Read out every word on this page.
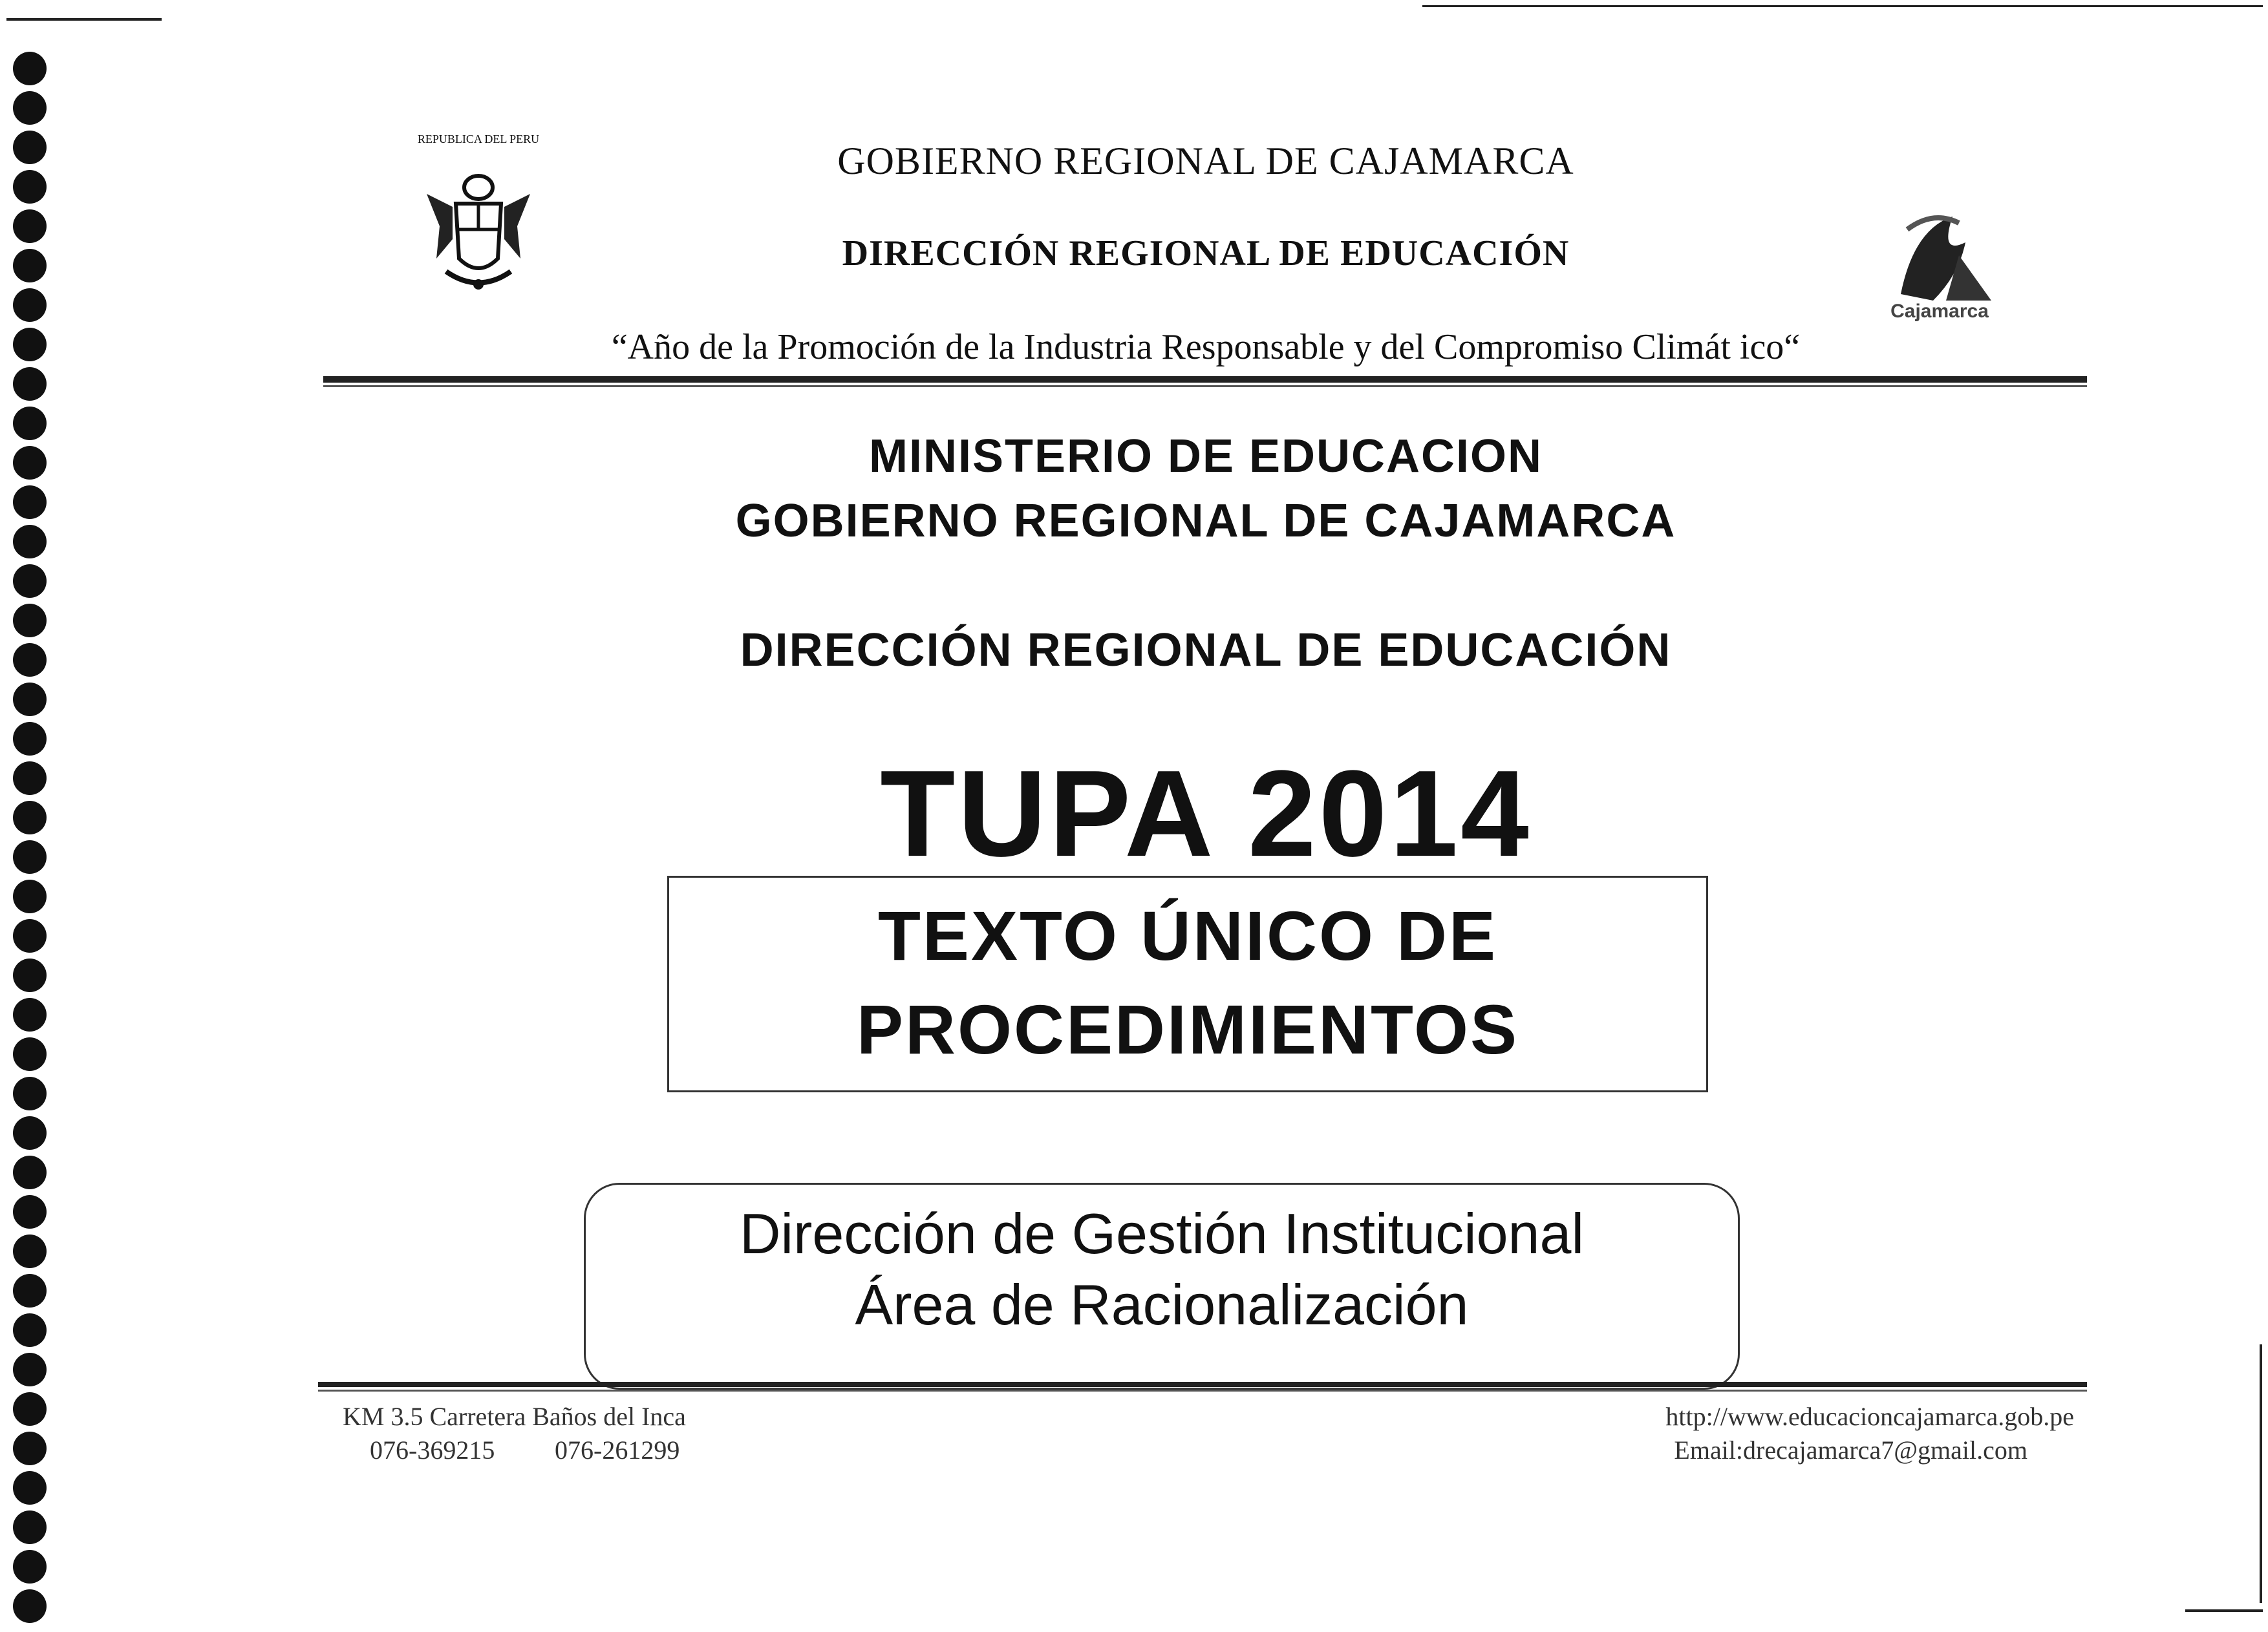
REPUBLICA DEL PERU
Cajamarca
GOBIERNO REGIONAL DE CAJAMARCA
DIRECCIÓN REGIONAL DE EDUCACIÓN
“Año de la Promoción de la Industria Responsable y del Compromiso Climát ico“
MINISTERIO DE EDUCACION
GOBIERNO REGIONAL DE CAJAMARCA
DIRECCIÓN REGIONAL DE EDUCACIÓN
TUPA 2014
TEXTO ÚNICO DE
PROCEDIMIENTOS
Dirección de Gestión Institucional
Área de Racionalización
KM 3.5 Carretera Baños del Inca
076-369215 076-261299
http://www.educacioncajamarca.gob.pe
Email:drecajamarca7@gmail.com
